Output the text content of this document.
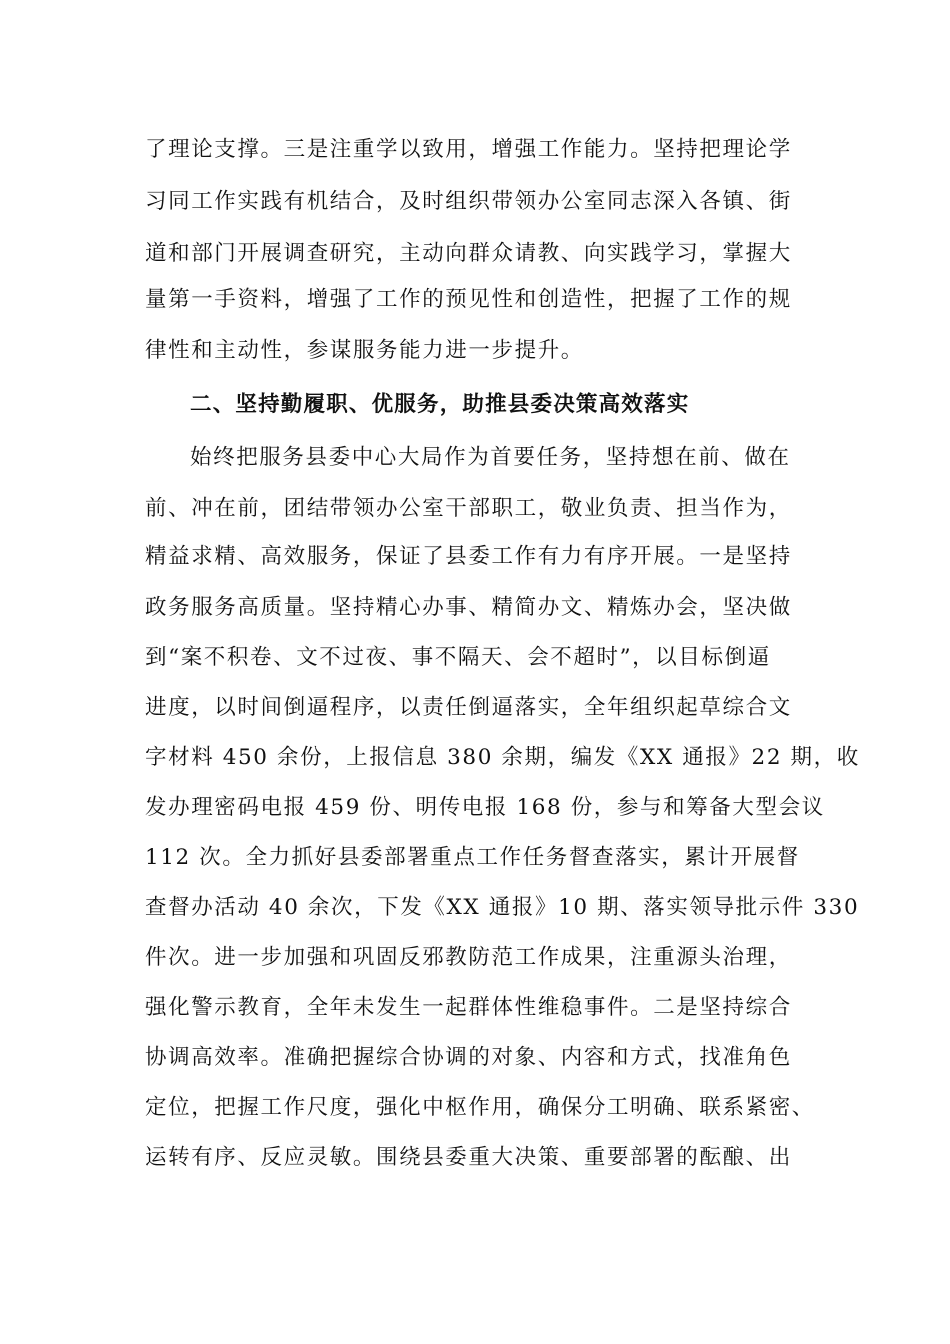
了理论支撑。三是注重学以致用，增强工作能力。坚持把理论学
习同工作实践有机结合，及时组织带领办公室同志深入各镇、街
道和部门开展调查研究，主动向群众请教、向实践学习，掌握大
量第一手资料，增强了工作的预见性和创造性，把握了工作的规
律性和主动性，参谋服务能力进一步提升。
二、坚持勤履职、优服务，助推县委决策高效落实
始终把服务县委中心大局作为首要任务，坚持想在前、做在
前、冲在前，团结带领办公室干部职工，敬业负责、担当作为，
精益求精、高效服务，保证了县委工作有力有序开展。一是坚持
政务服务高质量。坚持精心办事、精简办文、精炼办会，坚决做
到“案不积卷、文不过夜、事不隔天、会不超时”，以目标倒逼
进度，以时间倒逼程序，以责任倒逼落实，全年组织起草综合文
字材料 450 余份，上报信息 380 余期，编发《XX 通报》22 期，收
发办理密码电报 459 份、明传电报 168 份，参与和筹备大型会议
112 次。全力抓好县委部署重点工作任务督查落实，累计开展督
查督办活动 40 余次，下发《XX 通报》10 期、落实领导批示件 330
件次。进一步加强和巩固反邪教防范工作成果，注重源头治理，
强化警示教育，全年未发生一起群体性维稳事件。二是坚持综合
协调高效率。准确把握综合协调的对象、内容和方式，找准角色
定位，把握工作尺度，强化中枢作用，确保分工明确、联系紧密、
运转有序、反应灵敏。围绕县委重大决策、重要部署的酝酿、出
